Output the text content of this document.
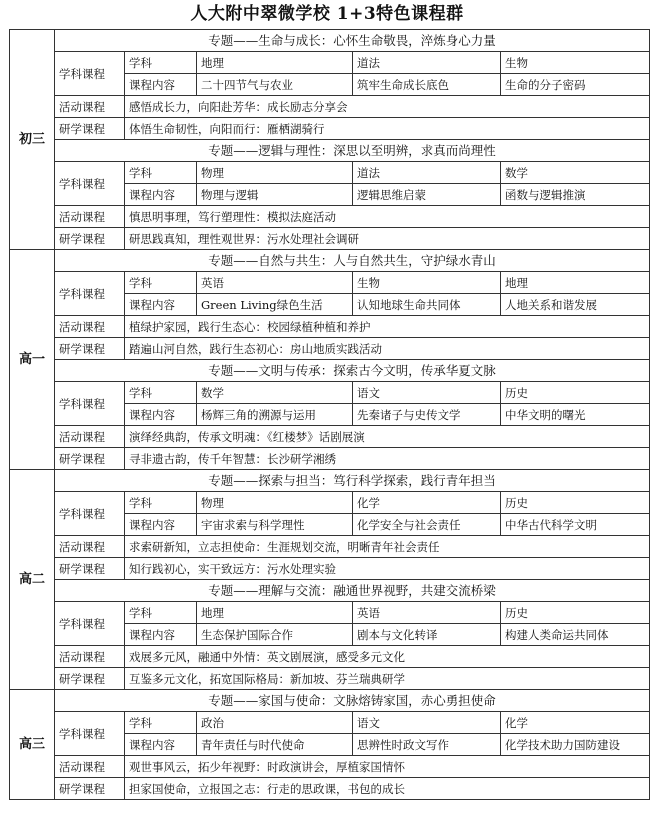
人大附中翠微学校 1+3特色课程群
初三	专题——生命与成长：心怀生命敬畏，淬炼身心力量				
	学科课程	学科	地理	道法	生物
		课程内容	二十四节气与农业	筑牢生命成长底色	生命的分子密码
	活动课程	感悟成长力，向阳赴芳华：成长励志分享会			
	研学课程	体悟生命韧性，向阳而行：雁栖湖骑行			
	专题——逻辑与理性：深思以至明辨，求真而尚理性				
	学科课程	学科	物理	道法	数学
		课程内容	物理与逻辑	逻辑思维启蒙	函数与逻辑推演
	活动课程	慎思明事理，笃行塑理性：模拟法庭活动			
	研学课程	研思践真知，理性观世界：污水处理社会调研			
高一	专题——自然与共生：人与自然共生，守护绿水青山				
	学科课程	学科	英语	生物	地理
		课程内容	Green Living绿色生活	认知地球生命共同体	人地关系和谐发展
	活动课程	植绿护家园，践行生态心：校园绿植种植和养护			
	研学课程	踏遍山河自然，践行生态初心：房山地质实践活动			
	专题——文明与传承：探索古今文明，传承华夏文脉				
	学科课程	学科	数学	语文	历史
		课程内容	杨辉三角的溯源与运用	先秦诸子与史传文学	中华文明的曙光
	活动课程	演绎经典韵，传承文明魂：《红楼梦》话剧展演			
	研学课程	寻非遗古韵，传千年智慧：长沙研学湘绣			
高二	专题——探索与担当：笃行科学探索，践行青年担当				
	学科课程	学科	物理	化学	历史
		课程内容	宇宙求索与科学理性	化学安全与社会责任	中华古代科学文明
	活动课程	求索研新知，立志担使命：生涯规划交流，明晰青年社会责任			
	研学课程	知行践初心，实干致远方：污水处理实验			
	专题——理解与交流：融通世界视野，共建交流桥梁				
	学科课程	学科	地理	英语	历史
		课程内容	生态保护国际合作	剧本与文化转译	构建人类命运共同体
	活动课程	戏展多元风，融通中外情：英文剧展演，感受多元文化			
	研学课程	互鉴多元文化，拓宽国际格局：新加坡、芬兰瑞典研学			
高三	专题——家国与使命：文脉熔铸家国，赤心勇担使命				
	学科课程	学科	政治	语文	化学
		课程内容	青年责任与时代使命	思辨性时政文写作	化学技术助力国防建设
	活动课程	观世事风云，拓少年视野：时政演讲会，厚植家国情怀			
	研学课程	担家国使命，立报国之志：行走的思政课，书包的成长			
